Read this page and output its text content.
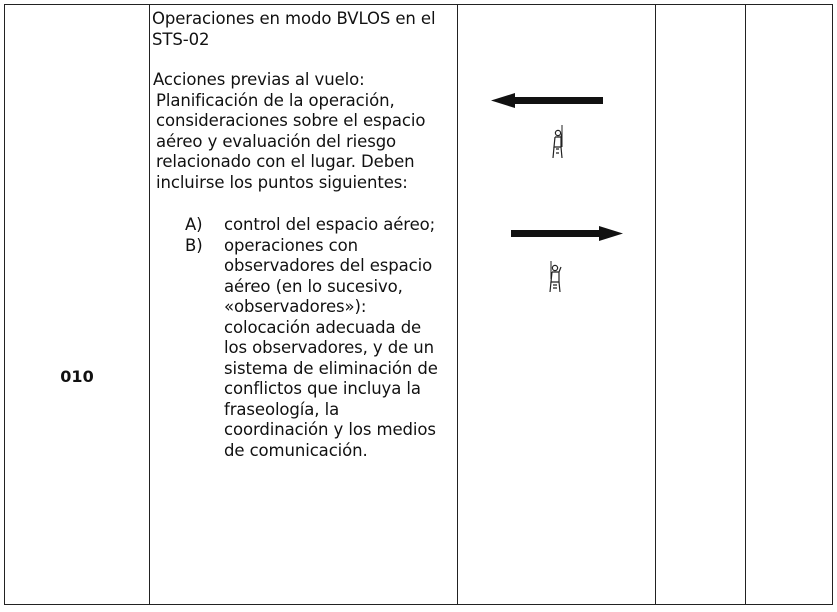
010

Operaciones en modo BVLOS en el STS-02

Acciones previas al vuelo: Planificación de la operación, consideraciones sobre el espacio aéreo y evaluación del riesgo relacionado con el lugar. Deben incluirse los puntos siguientes:

A)	control del espacio aéreo;
B)	operaciones con observadores del espacio aéreo (en lo sucesivo, «observadores»): colocación adecuada de los observadores, y de un sistema de eliminación de conflictos que incluya la fraseología, la coordinación y los medios de comunicación.
